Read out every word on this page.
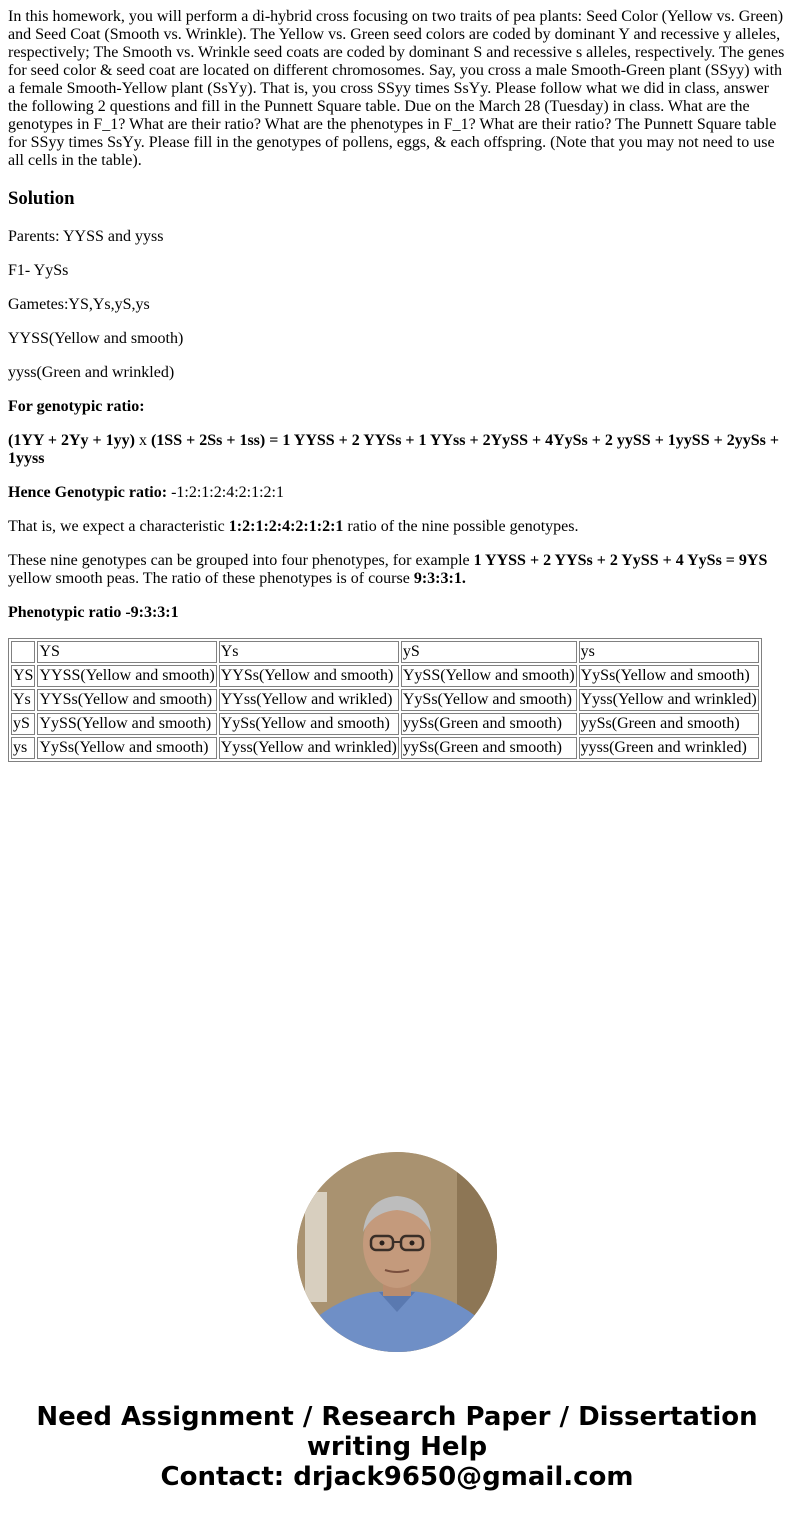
In this homework, you will perform a di-hybrid cross focusing on two traits of pea plants: Seed Color (Yellow vs. Green) and Seed Coat (Smooth vs. Wrinkle). The Yellow vs. Green seed colors are coded by dominant Y and recessive y alleles, respectively; The Smooth vs. Wrinkle seed coats are coded by dominant S and recessive s alleles, respectively. The genes for seed color & seed coat are located on different chromosomes. Say, you cross a male Smooth-Green plant (SSyy) with a female Smooth-Yellow plant (SsYy). That is, you cross SSyy times SsYy. Please follow what we did in class, answer the following 2 questions and fill in the Punnett Square table. Due on the March 28 (Tuesday) in class. What are the genotypes in F_1? What are their ratio? What are the phenotypes in F_1? What are their ratio? The Punnett Square table for SSyy times SsYy. Please fill in the genotypes of pollens, eggs, & each offspring. (Note that you may not need to use all cells in the table).

Solution

Parents: YYSS and yyss

F1- YySs

Gametes:YS,Ys,yS,ys

YYSS(Yellow and smooth)

yyss(Green and wrinkled)

For genotypic ratio:

(1YY + 2Yy + 1yy) x (1SS + 2Ss + 1ss) = 1 YYSS + 2 YYSs + 1 YYss + 2YySS + 4YySs + 2 yySS + 1yySS + 2yySs + 1yyss

Hence Genotypic ratio: -1:2:1:2:4:2:1:2:1

That is, we expect a characteristic 1:2:1:2:4:2:1:2:1 ratio of the nine possible genotypes.

These nine genotypes can be grouped into four phenotypes, for example 1 YYSS + 2 YYSs + 2 YySS + 4 YySs = 9YS yellow smooth peas. The ratio of these phenotypes is of course 9:3:3:1.

Phenotypic ratio -9:3:3:1

	YS	Ys	yS	ys
YS	YYSS(Yellow and smooth)	YYSs(Yellow and smooth)	YySS(Yellow and smooth)	YySs(Yellow and smooth)
Ys	YYSs(Yellow and smooth)	YYss(Yellow and wrikled)	YySs(Yellow and smooth)	Yyss(Yellow and wrinkled)
yS	YySS(Yellow and smooth)	YySs(Yellow and smooth)	yySs(Green and smooth)	yySs(Green and smooth)
ys	YySs(Yellow and smooth)	Yyss(Yellow and wrinkled)	yySs(Green and smooth)	yyss(Green and wrinkled)
Need Assignment / Research Paper / Dissertation
writing Help
Contact: drjack9650@gmail.com
